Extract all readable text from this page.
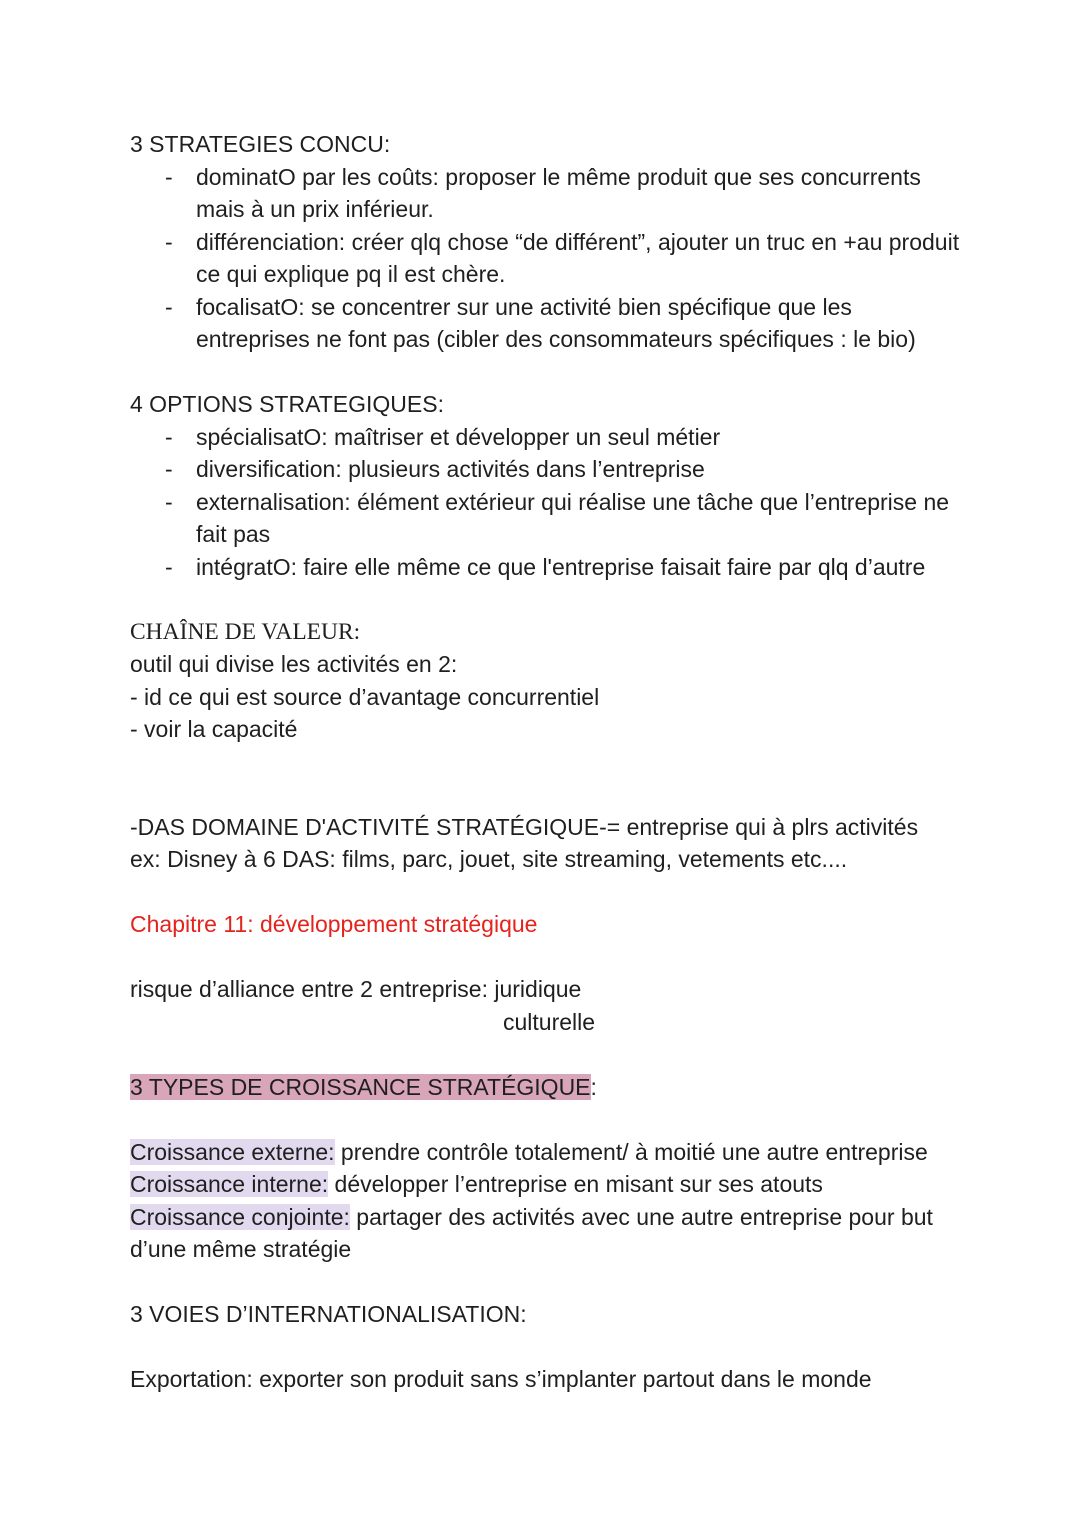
3 STRATEGIES CONCU:

- dominatO par les coûts: proposer le même produit que ses concurrents mais à un prix inférieur.
- différenciation: créer qlq chose “de différent”, ajouter un truc en +au produit ce qui explique pq il est chère.
- focalisatO: se concentrer sur une activité bien spécifique que les entreprises ne font pas (cibler des consommateurs spécifiques : le bio)

4 OPTIONS STRATEGIQUES:

- spécialisatO: maîtriser et développer un seul métier
- diversification: plusieurs activités dans l’entreprise
- externalisation: élément extérieur qui réalise une tâche que l’entreprise ne fait pas
- intégratO: faire elle même ce que l'entreprise faisait faire par qlq d’autre

CHAÎNE DE VALEUR:

outil qui divise les activités en 2:

- id ce qui est source d’avantage concurrentiel

- voir la capacité

-DAS DOMAINE D'ACTIVITÉ STRATÉGIQUE-= entreprise qui à plrs activités

ex: Disney à 6 DAS: films, parc, jouet, site streaming, vetements etc....

Chapitre 11: développement stratégique

risque d’alliance entre 2 entreprise: juridique

culturelle

3 TYPES DE CROISSANCE STRATÉGIQUE:

Croissance externe: prendre contrôle totalement/ à moitié une autre entreprise

Croissance interne: développer l’entreprise en misant sur ses atouts

Croissance conjointe: partager des activités avec une autre entreprise pour but d’une même stratégie

3 VOIES D’INTERNATIONALISATION:

Exportation: exporter son produit sans s’implanter partout dans le monde
